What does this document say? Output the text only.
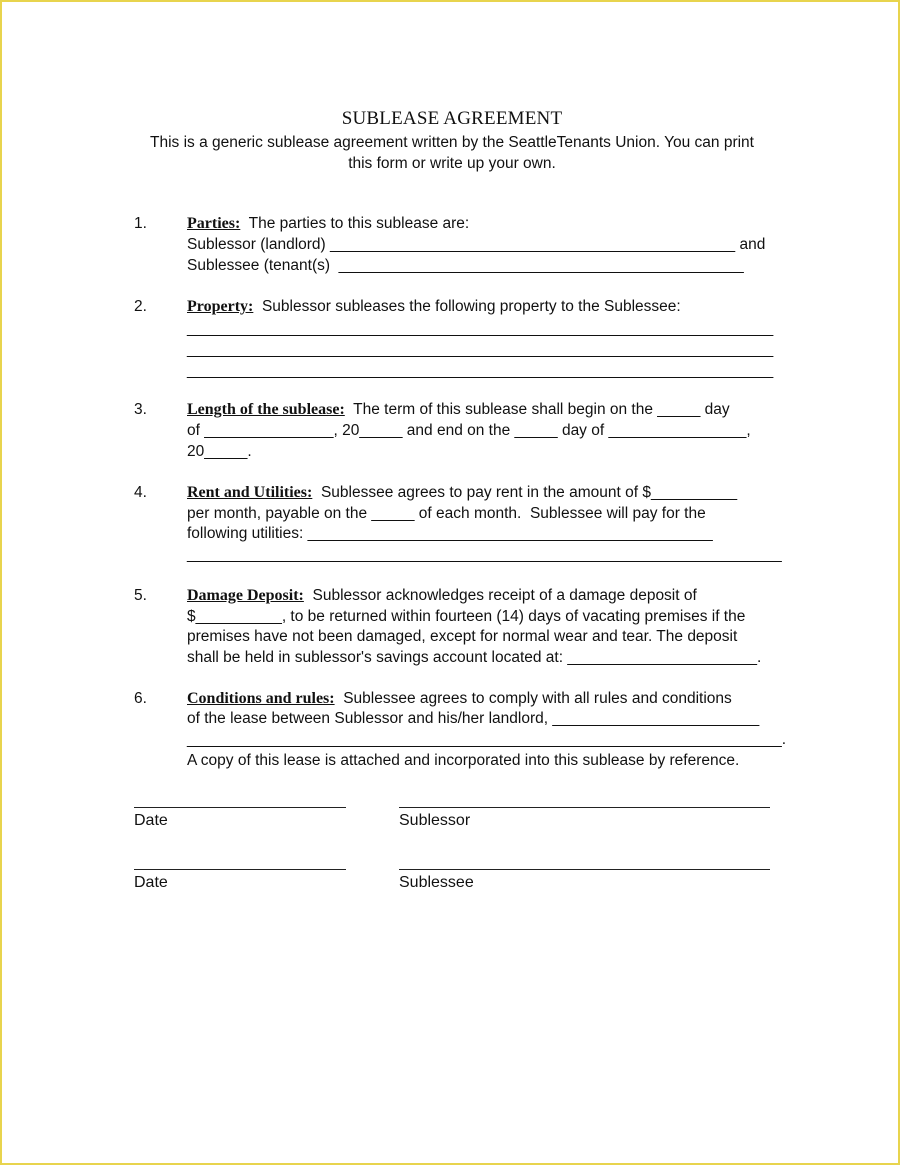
SUBLEASE AGREEMENT
This is a generic sublease agreement written by the SeattleTenants Union. You can print
this form or write up your own.
1.	Parties: The parties to this sublease are:
Sublessor (landlord) _______________________________________________ and
Sublessee (tenant(s)  _______________________________________________
2.	Property: Sublessor subleases the following property to the Sublessee:
____________________________________________________________________
____________________________________________________________________
____________________________________________________________________
3.	Length of the sublease: The term of this sublease shall begin on the _____ day
of _______________, 20_____ and end on the _____ day of ________________,
20_____.
4.	Rent and Utilities: Sublessee agrees to pay rent in the amount of $__________
per month, payable on the _____ of each month.  Sublessee will pay for the
following utilities: _______________________________________________
_____________________________________________________________________
5.	Damage Deposit: Sublessor acknowledges receipt of a damage deposit of
$__________, to be returned within fourteen (14) days of vacating premises if the
premises have not been damaged, except for normal wear and tear. The deposit
shall be held in sublessor's savings account located at: ______________________.
6.	Conditions and rules: Sublessee agrees to comply with all rules and conditions
of the lease between Sublessor and his/her landlord, ________________________
_____________________________________________________________________.
A copy of this lease is attached and incorporated into this sublease by reference.
Date	Sublessor
Date	Sublessee
